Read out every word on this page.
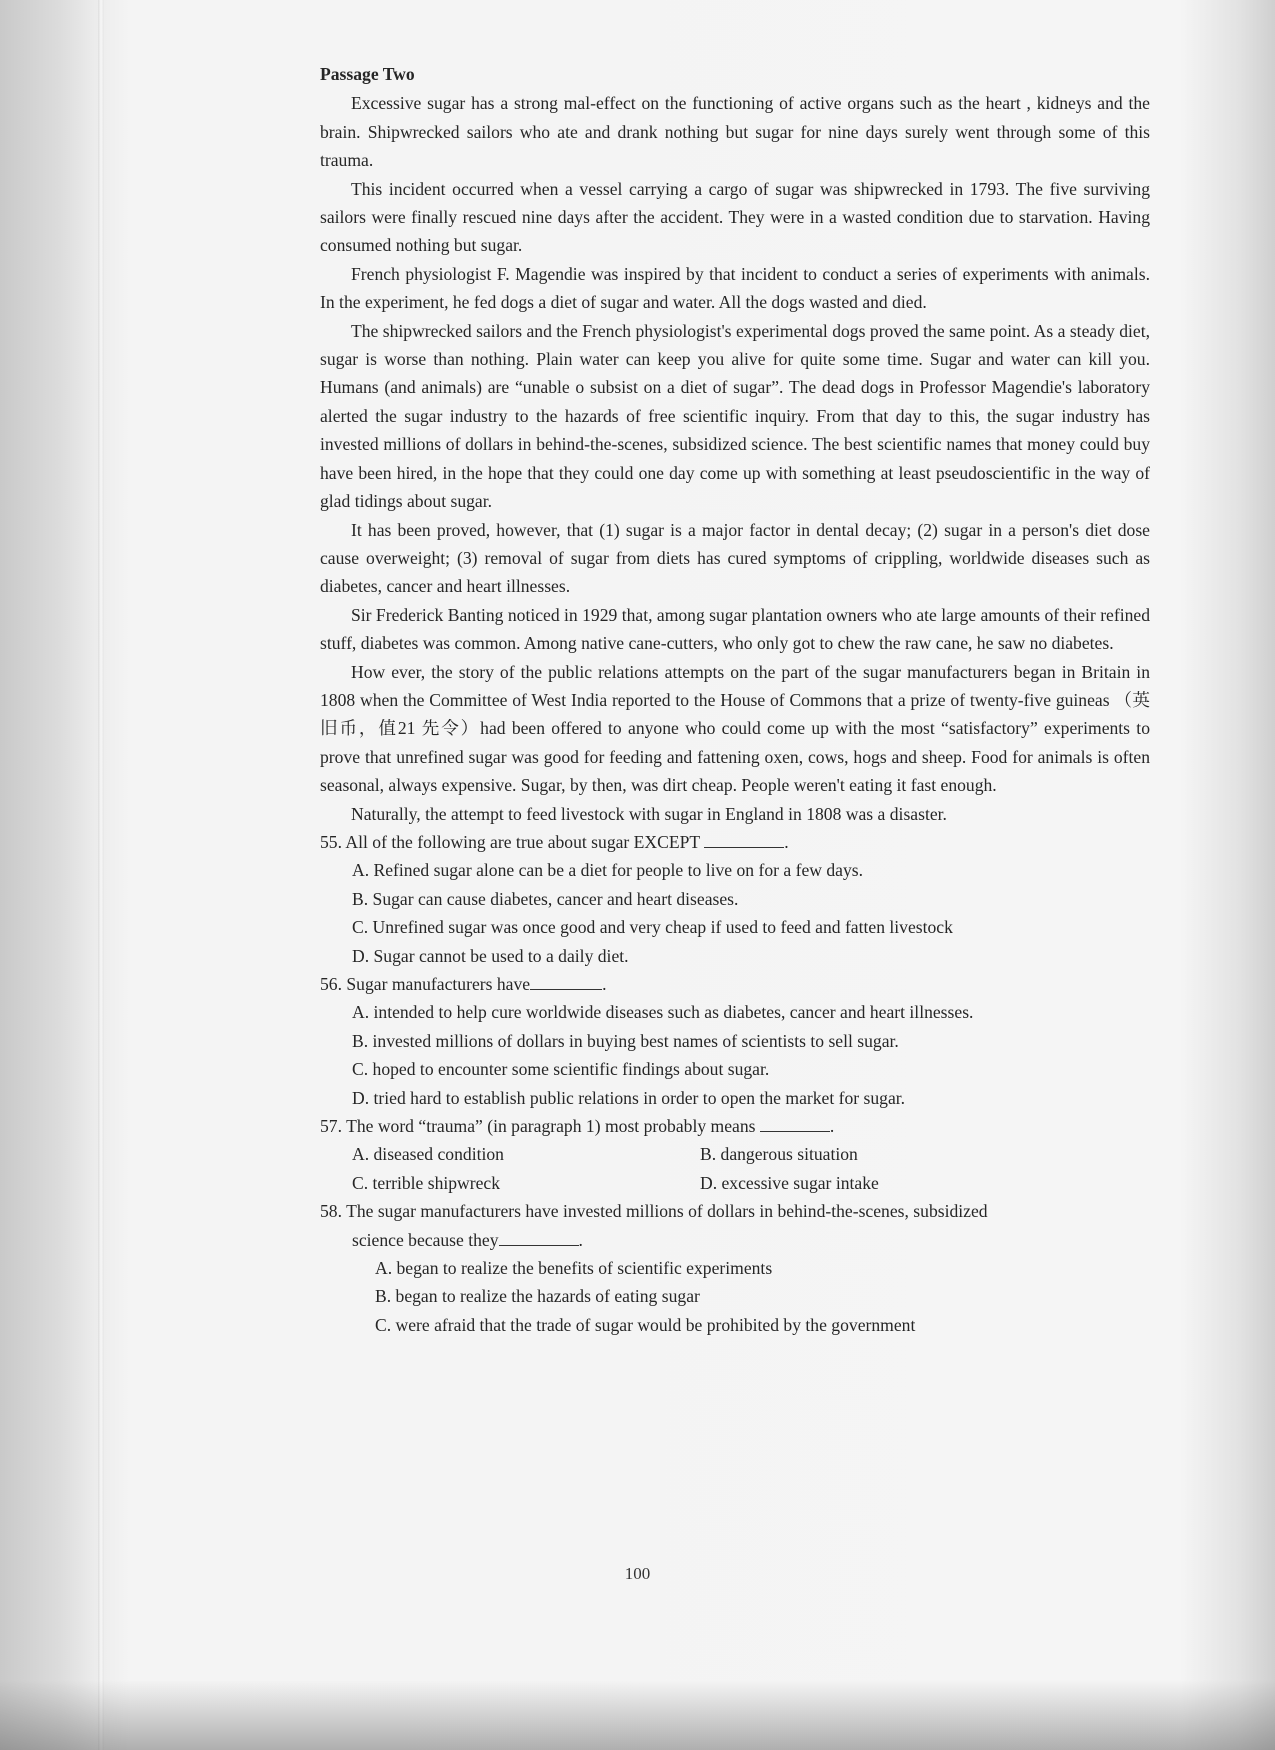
Passage Two

Excessive sugar has a strong mal-effect on the functioning of active organs such as the heart , kidneys and the brain. Shipwrecked sailors who ate and drank nothing but sugar for nine days surely went through some of this trauma.

This incident occurred when a vessel carrying a cargo of sugar was shipwrecked in 1793. The five surviving sailors were finally rescued nine days after the accident. They were in a wasted condition due to starvation. Having consumed nothing but sugar.

French physiologist F. Magendie was inspired by that incident to conduct a series of experiments with animals. In the experiment, he fed dogs a diet of sugar and water. All the dogs wasted and died.

The shipwrecked sailors and the French physiologist's experimental dogs proved the same point. As a steady diet, sugar is worse than nothing. Plain water can keep you alive for quite some time. Sugar and water can kill you. Humans (and animals) are “unable o subsist on a diet of sugar”. The dead dogs in Professor Magendie's laboratory alerted the sugar industry to the hazards of free scientific inquiry. From that day to this, the sugar industry has invested millions of dollars in behind-the-scenes, subsidized science. The best scientific names that money could buy have been hired, in the hope that they could one day come up with something at least pseudoscientific in the way of glad tidings about sugar.

It has been proved, however, that (1) sugar is a major factor in dental decay; (2) sugar in a person's diet dose cause overweight; (3) removal of sugar from diets has cured symptoms of crippling, worldwide diseases such as diabetes, cancer and heart illnesses.

Sir Frederick Banting noticed in 1929 that, among sugar plantation owners who ate large amounts of their refined stuff, diabetes was common. Among native cane-cutters, who only got to chew the raw cane, he saw no diabetes.

How ever, the story of the public relations attempts on the part of the sugar manufacturers began in Britain in 1808 when the Committee of West India reported to the House of Commons that a prize of twenty-five guineas （英旧币，值21 先令）had been offered to anyone who could come up with the most “satisfactory” experiments to prove that unrefined sugar was good for feeding and fattening oxen, cows, hogs and sheep. Food for animals is often seasonal, always expensive. Sugar, by then, was dirt cheap. People weren't eating it fast enough.

Naturally, the attempt to feed livestock with sugar in England in 1808 was a disaster.

55. All of the following are true about sugar EXCEPT	.

A. Refined sugar alone can be a diet for people to live on for a few days.

B. Sugar can cause diabetes, cancer and heart diseases.

C. Unrefined sugar was once good and very cheap if used to feed and fatten livestock

D. Sugar cannot be used to a daily diet.

56. Sugar manufacturers have	.

A. intended to help cure worldwide diseases such as diabetes, cancer and heart illnesses.

B. invested millions of dollars in buying best names of scientists to sell sugar.

C. hoped to encounter some scientific findings about sugar.

D. tried hard to establish public relations in order to open the market for sugar.

57. The word “trauma” (in paragraph 1) most probably means	.

A. diseased condition	B. dangerous situation
C. terrible shipwreck	D. excessive sugar intake

58. The sugar manufacturers have invested millions of dollars in behind-the-scenes, subsidized

science because they	.

A. began to realize the benefits of scientific experiments

B. began to realize the hazards of eating sugar

C. were afraid that the trade of sugar would be prohibited by the government

100
